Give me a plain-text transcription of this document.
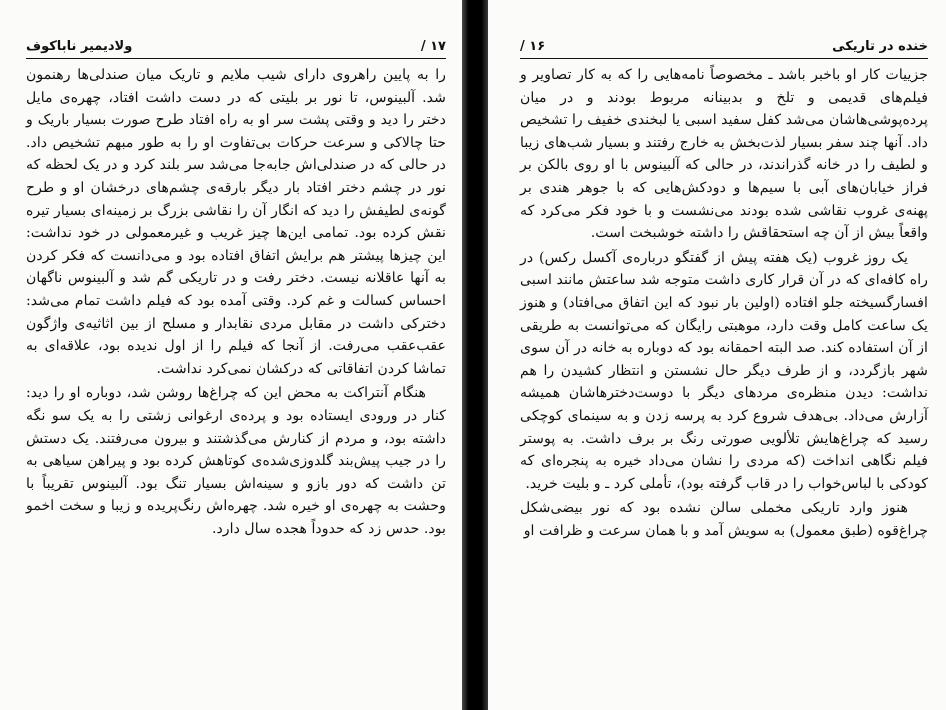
۱۷ /
ولادیمیر ناباکوف

را به پایین راهروی دارای شیب ملایم و تاریک میان صندلی‌ها رهنمون شد. آلبینوس، تا نور بر بلیتی که در دست داشت افتاد، چهره‌ی مایل دختر را دید و وقتی پشت سر او به راه افتاد طرح صورت بسیار باریک و حتا چالاکی و سرعت حرکات بی‌تفاوت او را به طور مبهم تشخیص داد. در حالی که در صندلی‌اش جابه‌جا می‌شد سر بلند کرد و در یک لحظه که نور در چشم دختر افتاد بار دیگر بارقه‌ی چشم‌های درخشان او و طرح گونه‌ی لطیفش را دید که انگار آن را نقاشی بزرگ بر زمینه‌ای بسیار تیره نقش کرده بود. تمامی این‌ها چیز غریب و غیرمعمولی در خود نداشت: این چیزها پیشتر هم برایش اتفاق افتاده بود و می‌دانست که فکر کردن به آنها عاقلانه نیست. دختر رفت و در تاریکی گم شد و آلبینوس ناگهان احساس کسالت و غم کرد. وقتی آمده بود که فیلم داشت تمام می‌شد: دخترکی داشت در مقابل مردی نقابدار و مسلح از بین اثاثیه‌ی واژگون عقب‌عقب می‌رفت. از آنجا که فیلم را از اول ندیده بود، علاقه‌ای به تماشا کردن اتفاقاتی که درکشان نمی‌کرد نداشت.

هنگام آنتراکت به محض این که چراغ‌ها روشن شد، دوباره او را دید: کنار در ورودی ایستاده بود و پرده‌ی ارغوانی زشتی را به یک سو نگه داشته بود، و مردم از کنارش می‌گذشتند و بیرون می‌رفتند. یک دستش را در جیب پیش‌بند گلدوزی‌شده‌ی کوتاهش کرده بود و پیراهن سیاهی به تن داشت که دور بازو و سینه‌اش بسیار تنگ بود. آلبینوس تقریباً با وحشت به چهره‌ی او خیره شد. چهره‌اش رنگ‌پریده و زیبا و سخت اخمو بود. حدس زد که حدوداً هجده سال دارد.

خنده در تاریکی
۱۶ /

جزییات کار او باخبر باشد ـ مخصوصاً نامه‌هایی را که به کار تصاویر و فیلم‌های قدیمی و تلخ و بدبینانه مربوط بودند و در میان پرده‌پوشی‌هاشان می‌شد کفل سفید اسبی یا لبخندی خفیف را تشخیص داد. آنها چند سفر بسیار لذت‌بخش به خارج رفتند و بسیار شب‌های زیبا و لطیف را در خانه گذراندند، در حالی که آلبینوس با او روی بالکن بر فراز خیابان‌های آبی با سیم‌ها و دودکش‌هایی که با جوهر هندی بر پهنه‌ی غروب نقاشی شده بودند می‌نشست و با خود فکر می‌کرد که واقعاً بیش از آن چه استحقاقش را داشته خوشبخت است.

یک روز غروب (یک هفته پیش از گفتگو درباره‌ی آکسل رکس) در راه کافه‌ای که در آن قرار کاری داشت متوجه شد ساعتش مانند اسبی افسارگسیخته جلو افتاده (اولین بار نبود که این اتفاق می‌افتاد) و هنوز یک ساعت کامل وقت دارد، موهبتی رایگان که می‌توانست به طریقی از آن استفاده کند. صد البته احمقانه بود که دوباره به خانه در آن سوی شهر بازگردد، و از طرف دیگر حال نشستن و انتظار کشیدن را هم نداشت: دیدن منظره‌ی مردهای دیگر با دوست‌دخترهاشان همیشه آزارش می‌داد. بی‌هدف شروع کرد به پرسه زدن و به سینمای کوچکی رسید که چراغ‌هایش تلألویی صورتی رنگ بر برف داشت. به پوستر فیلم نگاهی انداخت (که مردی را نشان می‌داد خیره به پنجره‌ای که کودکی با لباس‌خواب را در قاب گرفته بود)، تأملی کرد ـ و بلیت خرید.

هنوز وارد تاریکی مخملی سالن نشده بود که نور بیضی‌شکل چراغ‌قوه (طبق معمول) به سویش آمد و با همان سرعت و ظرافت او
